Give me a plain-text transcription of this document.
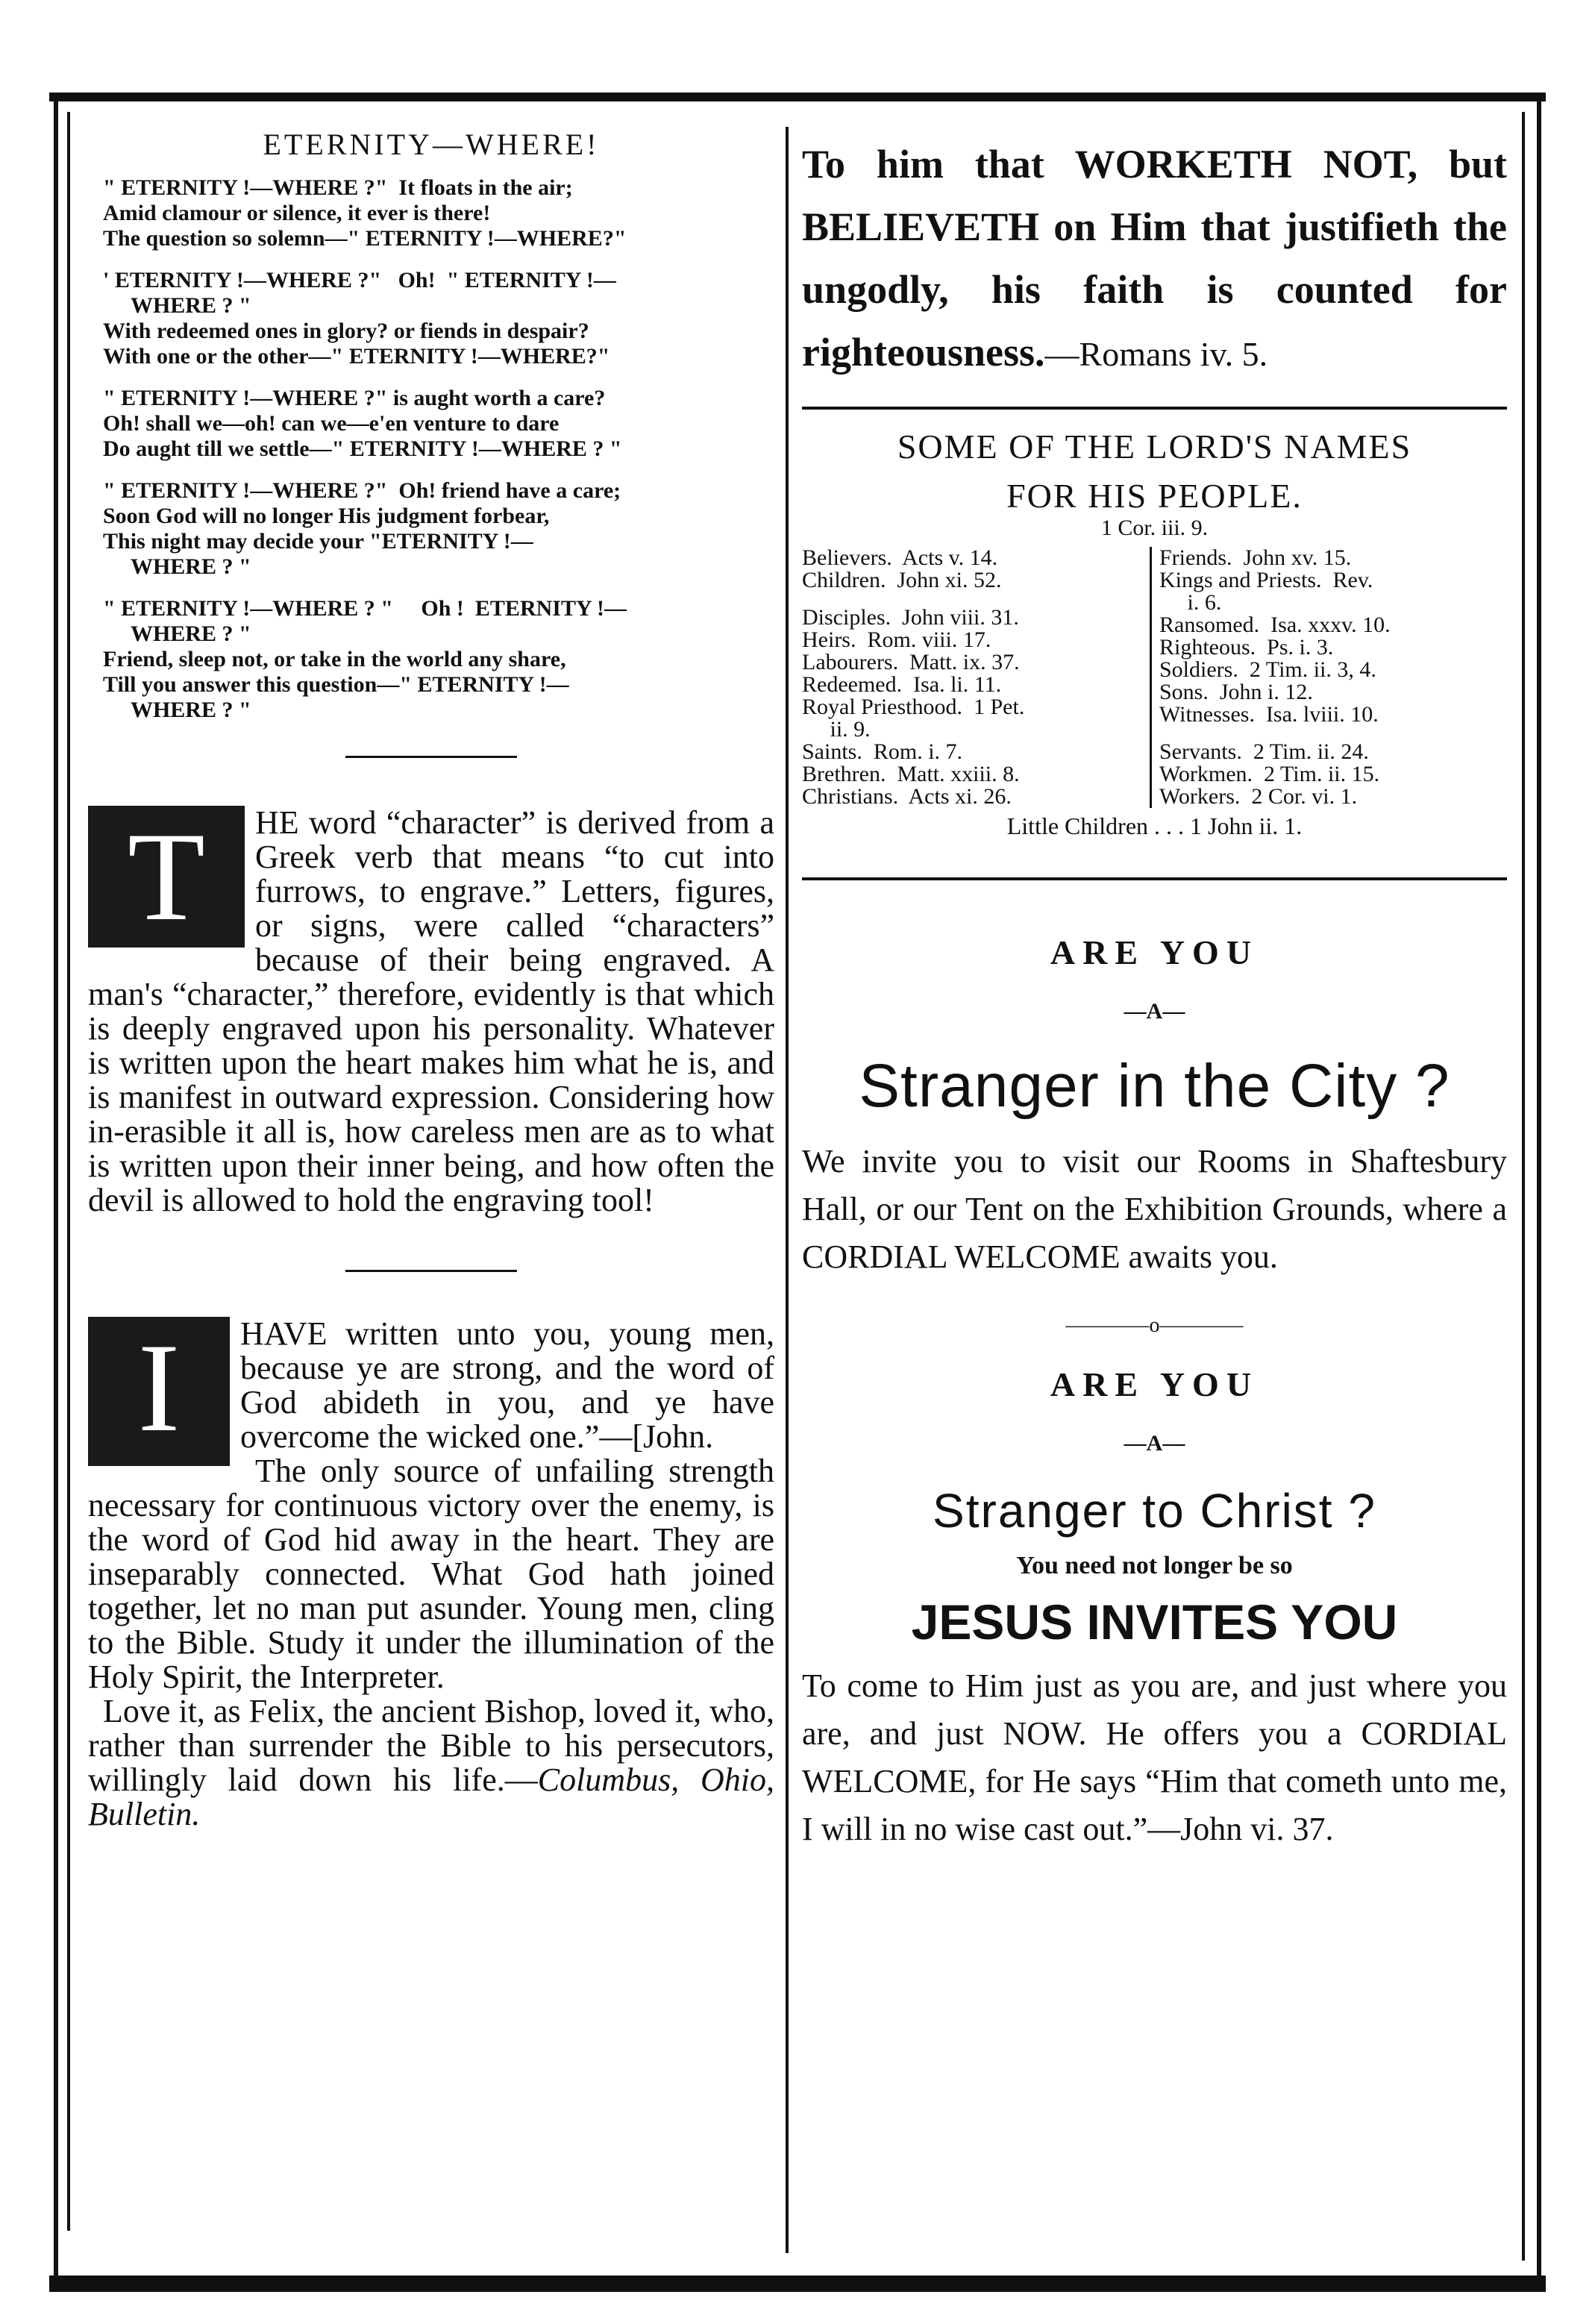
ETERNITY—WHERE!
" ETERNITY !—WHERE ?"  It floats in the air;
Amid clamour or silence, it ever is there!
The question so solemn—" ETERNITY !—WHERE?"
' ETERNITY !—WHERE ?"   Oh!  " ETERNITY !—
WHERE ? "
With redeemed ones in glory? or fiends in despair?
With one or the other—" ETERNITY !—WHERE?"
" ETERNITY !—WHERE ?" is aught worth a care?
Oh! shall we—oh! can we—e'en venture to dare
Do aught till we settle—" ETERNITY !—WHERE ? "
" ETERNITY !—WHERE ?"  Oh! friend have a care;
Soon God will no longer His judgment forbear,
This night may decide your "ETERNITY !—
WHERE ? "
" ETERNITY !—WHERE ? "     Oh !  ETERNITY !—
WHERE ? "
Friend, sleep not, or take in the world any share,
Till you answer this question—" ETERNITY !—
WHERE ? "
T	HE word “character” is derived from a Greek verb that means “to cut into furrows, to engrave.” Letters, figures, or signs, were called “characters” because of their being engraved. A man's “character,” therefore, evidently is that which is deeply engraved upon his personality. Whatever is written upon the heart makes him what he is, and is manifest in outward expression. Considering how in-erasible it all is, how careless men are as to what is written upon their inner being, and how often the devil is allowed to hold the engraving tool!
I	HAVE written unto you, young men, because ye are strong, and the word of God abideth in you, and ye have overcome the wicked one.”—[John.
The only source of unfailing strength necessary for continuous victory over the enemy, is the word of God hid away in the heart. They are inseparably connected. What God hath joined together, let no man put asunder. Young men, cling to the Bible. Study it under the illumination of the Holy Spirit, the Interpreter.
Love it, as Felix, the ancient Bishop, loved it, who, rather than surrender the Bible to his persecutors, willingly laid down his life.—Columbus, Ohio, Bulletin.
To him that WORKETH NOT, but BELIEVETH on Him that justifieth the ungodly, his faith is counted for righteousness.—Romans iv. 5.
SOME OF THE LORD'S NAMES
FOR HIS PEOPLE.
1 Cor. iii. 9.
Believers.  Acts v. 14.
Children.  John xi. 52.
Disciples.  John viii. 31.
Heirs.  Rom. viii. 17.
Labourers.  Matt. ix. 37.
Redeemed.  Isa. li. 11.
Royal Priesthood.  1 Pet.
ii. 9.
Saints.  Rom. i. 7.
Brethren.  Matt. xxiii. 8.
Christians.  Acts xi. 26.
Friends.  John xv. 15.
Kings and Priests.  Rev.
i. 6.
Ransomed.  Isa. xxxv. 10.
Righteous.  Ps. i. 3.
Soldiers.  2 Tim. ii. 3, 4.
Sons.  John i. 12.
Witnesses.  Isa. lviii. 10.
Servants.  2 Tim. ii. 24.
Workmen.  2 Tim. ii. 15.
Workers.  2 Cor. vi. 1.
Little Children . . . 1 John ii. 1.
ARE YOU
—A—
Stranger in the City ?
We invite you to visit our Rooms in Shaftesbury Hall, or our Tent on the Exhibition Grounds, where a CORDIAL WELCOME awaits you.
————o————
ARE YOU
—A—
Stranger to Christ ?
You need not longer be so
JESUS INVITES YOU
To come to Him just as you are, and just where you are, and just NOW. He offers you a CORDIAL WELCOME, for He says “Him that cometh unto me, I will in no wise cast out.”—John vi. 37.
